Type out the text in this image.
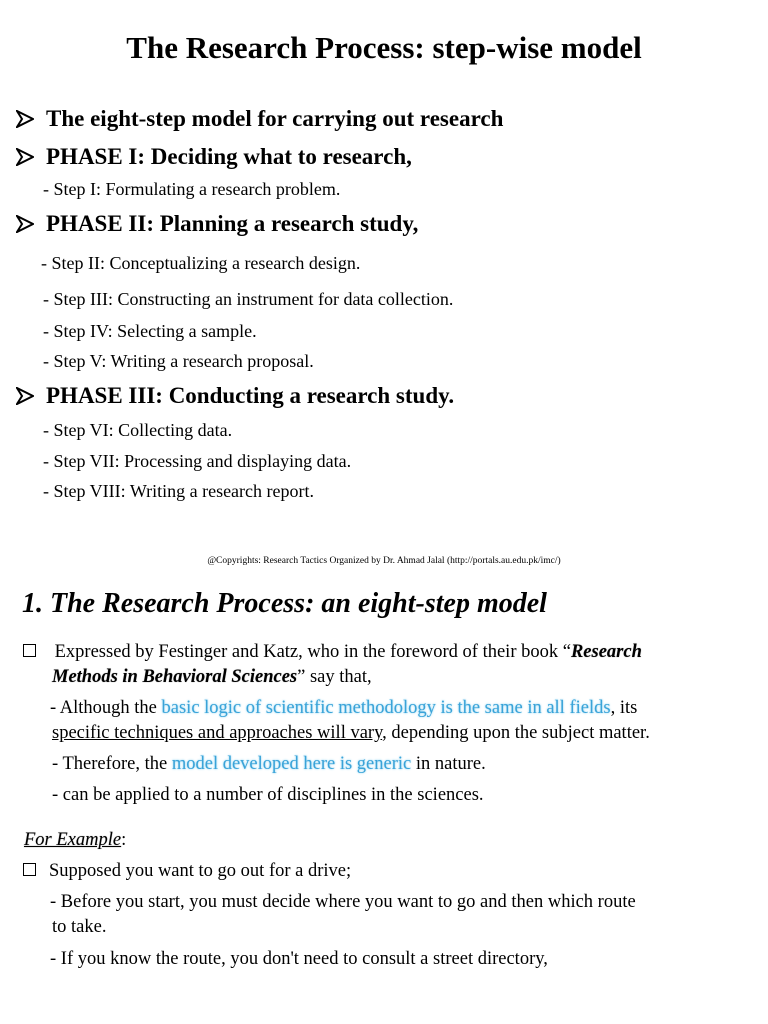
The Research Process: step-wise model
The eight-step model for carrying out research
PHASE I: Deciding what to research,
- Step I: Formulating a research problem.
PHASE II: Planning a research study,
- Step II: Conceptualizing a research design.
- Step III: Constructing an instrument for data collection.
- Step IV: Selecting a sample.
- Step V: Writing a research proposal.
PHASE III: Conducting a research study.
- Step VI: Collecting data.
- Step VII: Processing and displaying data.
- Step VIII: Writing a research report.
@Copyrights: Research Tactics Organized by Dr. Ahmad Jalal (http://portals.au.edu.pk/imc/)
1. The Research Process: an eight-step model
Expressed by Festinger and Katz, who in the foreword of their book “Research
Methods in Behavioral Sciences” say that,
- Although the basic logic of scientific methodology is the same in all fields, its
specific techniques and approaches will vary, depending upon the subject matter.
- Therefore, the model developed here is generic in nature.
- can be applied to a number of disciplines in the sciences.
For Example:
Supposed you want to go out for a drive;
- Before you start, you must decide where you want to go and then which route
to take.
- If you know the route, you don't need to consult a street directory,
